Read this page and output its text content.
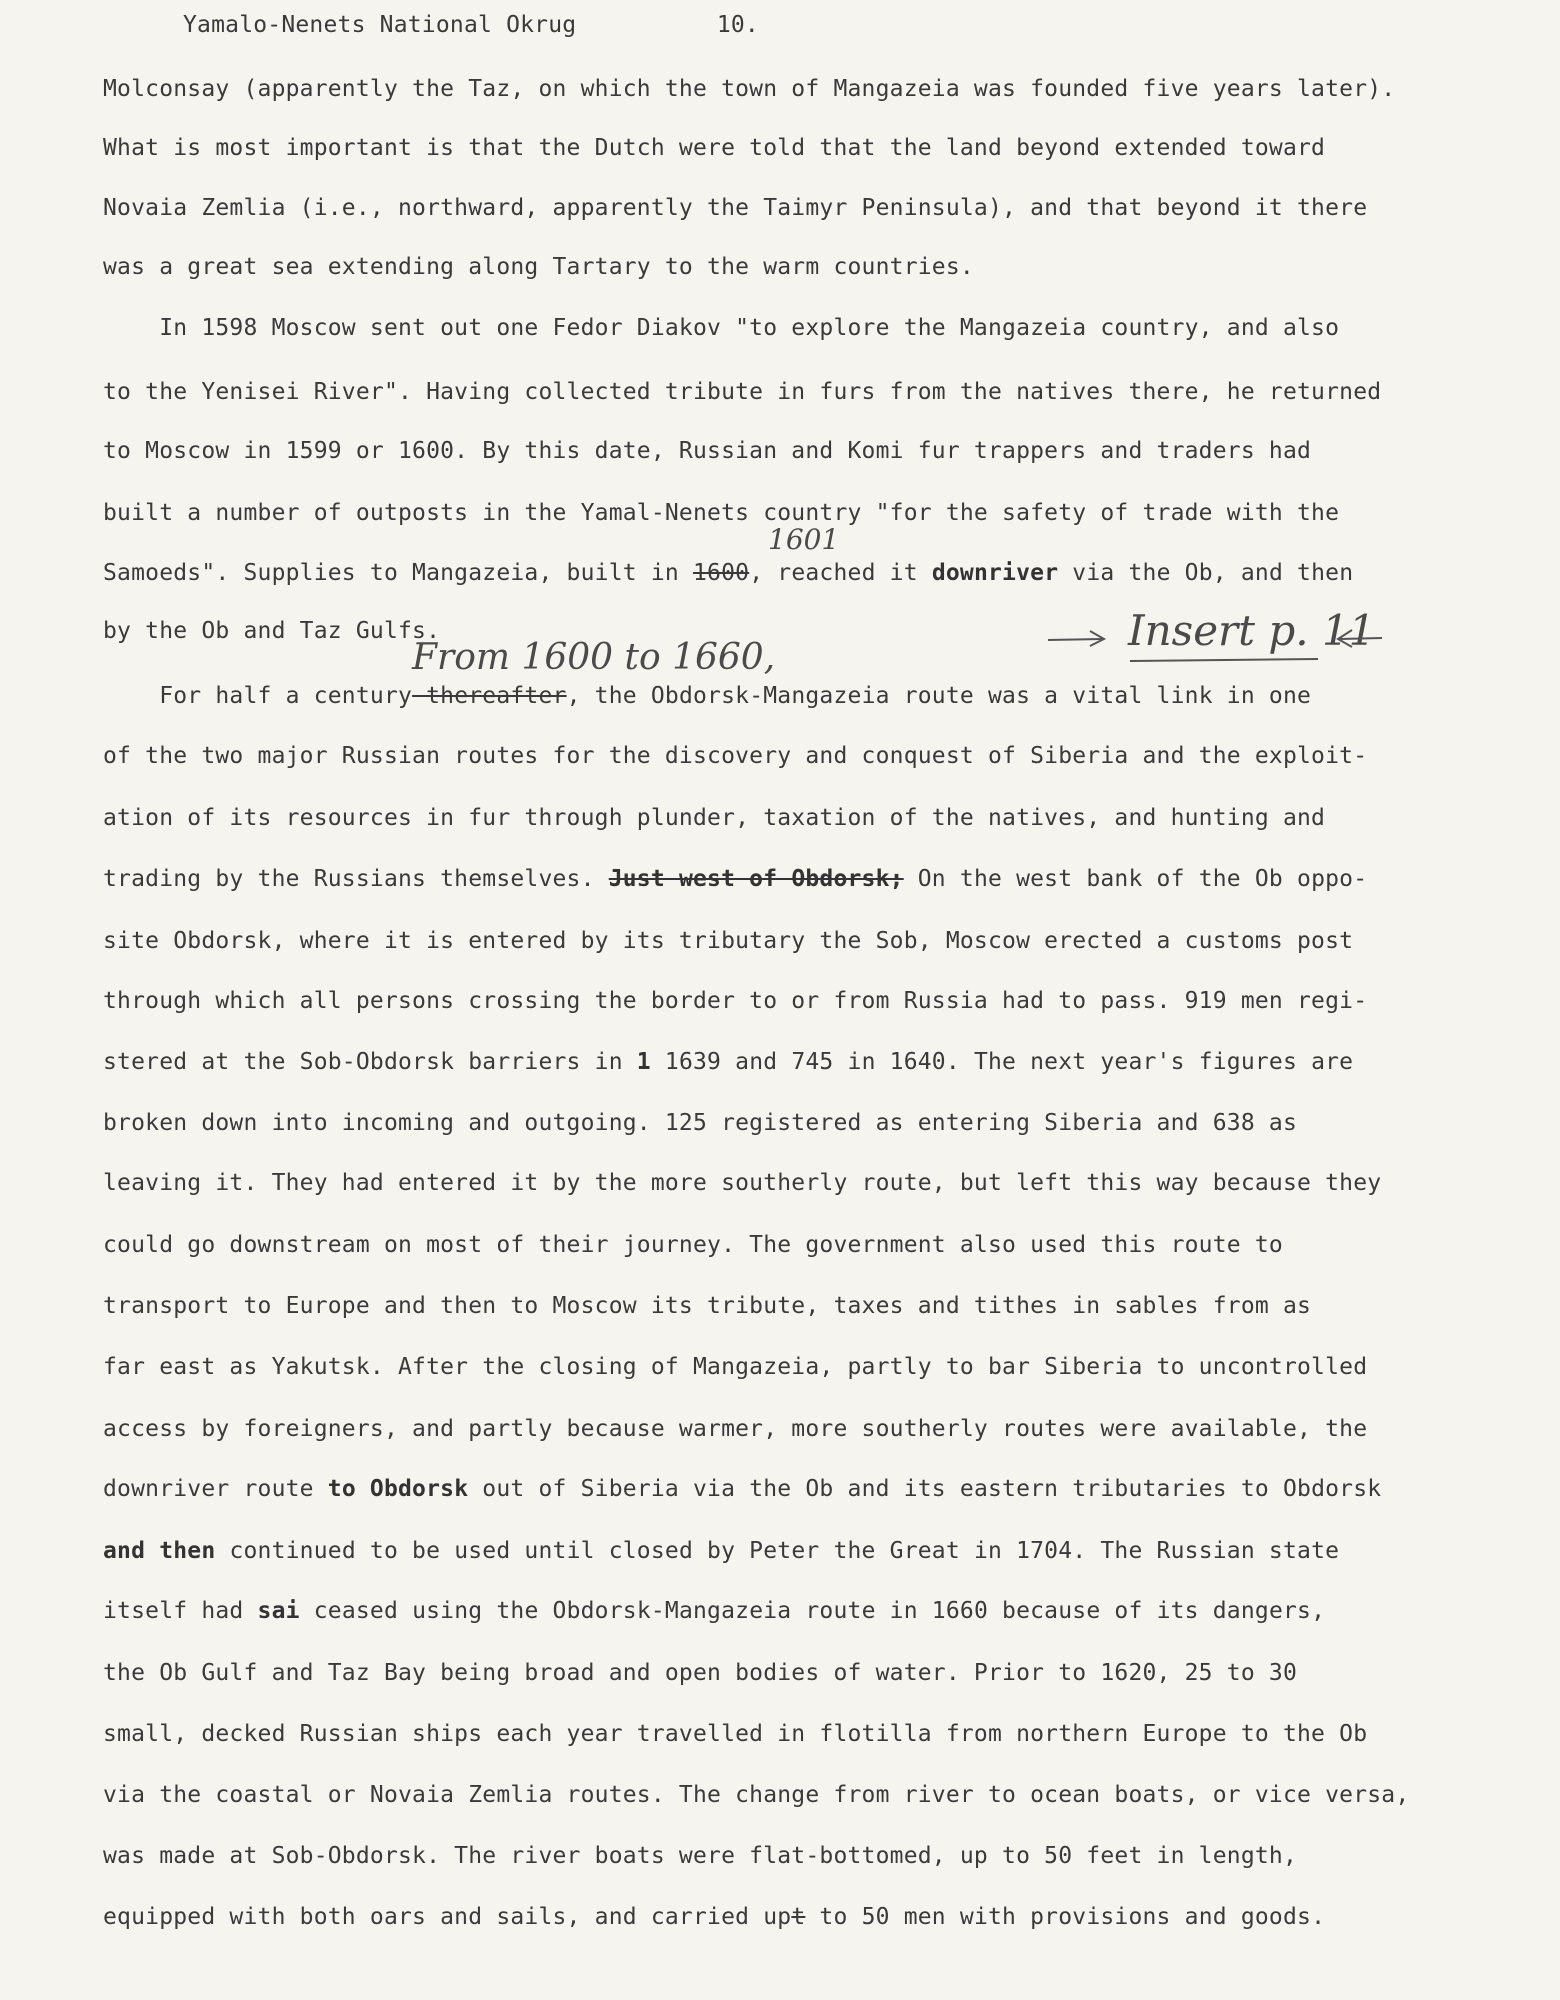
Yamalo-Nenets National Okrug	10.
Molconsay (apparently the Taz, on which the town of Mangazeia was founded five years later).
What is most important is that the Dutch were told that the land beyond extended toward
Novaia Zemlia (i.e., northward, apparently the Taimyr Peninsula), and that beyond it there
was a great sea extending along Tartary to the warm countries.
In 1598 Moscow sent out one Fedor Diakov "to explore the Mangazeia country, and also
to the Yenisei River". Having collected tribute in furs from the natives there, he returned
to Moscow in 1599 or 1600. By this date, Russian and Komi fur trappers and traders had
built a number of outposts in the Yamal-Nenets country "for the safety of trade with the
Samoeds". Supplies to Mangazeia, built in 1600, reached it downriver via the Ob, and then
by the Ob and Taz Gulfs.
For half a century thereafter, the Obdorsk-Mangazeia route was a vital link in one
of the two major Russian routes for the discovery and conquest of Siberia and the exploit-
ation of its resources in fur through plunder, taxation of the natives, and hunting and
trading by the Russians themselves. Just west of Obdorsk; On the west bank of the Ob oppo-
site Obdorsk, where it is entered by its tributary the Sob, Moscow erected a customs post
through which all persons crossing the border to or from Russia had to pass. 919 men regi-
stered at the Sob-Obdorsk barriers in 1 1639 and 745 in 1640. The next year's figures are
broken down into incoming and outgoing. 125 registered as entering Siberia and 638 as
leaving it. They had entered it by the more southerly route, but left this way because they
could go downstream on most of their journey. The government also used this route to
transport to Europe and then to Moscow its tribute, taxes and tithes in sables from as
far east as Yakutsk. After the closing of Mangazeia, partly to bar Siberia to uncontrolled
access by foreigners, and partly because warmer, more southerly routes were available, the
downriver route to Obdorsk out of Siberia via the Ob and its eastern tributaries to Obdorsk
and then continued to be used until closed by Peter the Great in 1704. The Russian state
itself had sai ceased using the Obdorsk-Mangazeia route in 1660 because of its dangers,
the Ob Gulf and Taz Bay being broad and open bodies of water. Prior to 1620, 25 to 30
small, decked Russian ships each year travelled in flotilla from northern Europe to the Ob
via the coastal or Novaia Zemlia routes. The change from river to ocean boats, or vice versa,
was made at Sob-Obdorsk. The river boats were flat-bottomed, up to 50 feet in length,
equipped with both oars and sails, and carried upt to 50 men with provisions and goods.
1601
Insert p. 11
From 1600 to 1660,
